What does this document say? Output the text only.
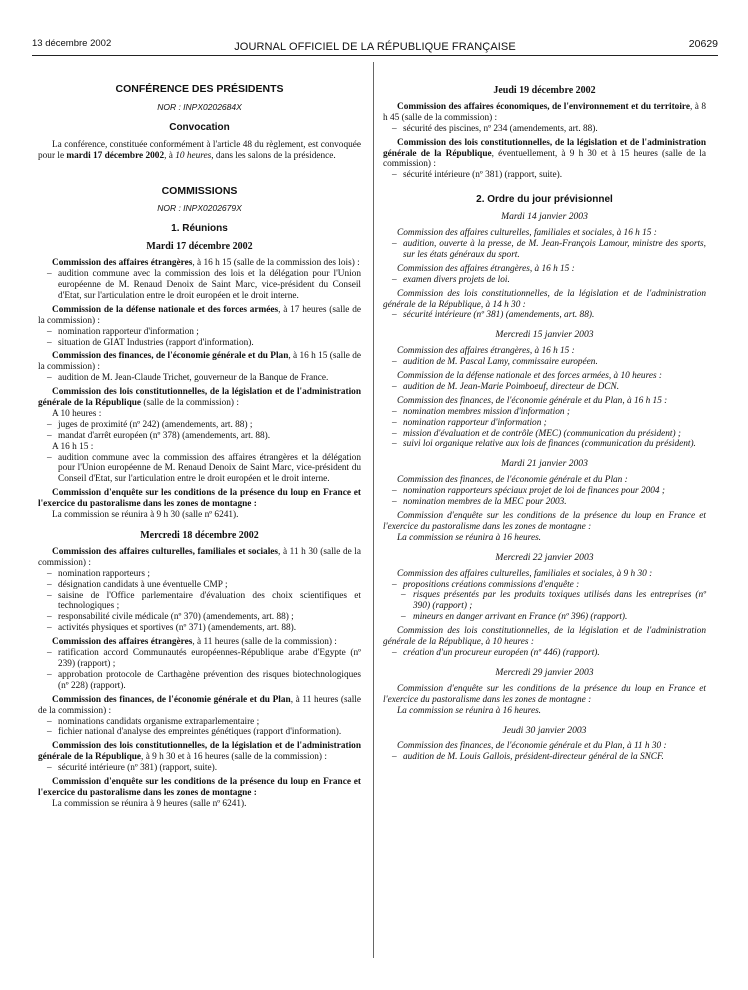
13 décembre 2002	JOURNAL OFFICIEL DE LA RÉPUBLIQUE FRANÇAISE	20629
CONFÉRENCE DES PRÉSIDENTS
NOR : INPX0202684X
Convocation
La conférence, constituée conformément à l'article 48 du règlement, est convoquée pour le mardi 17 décembre 2002, à 10 heures, dans les salons de la présidence.
COMMISSIONS
NOR : INPX0202679X
1. Réunions
Mardi 17 décembre 2002
Commission des affaires étrangères, à 16 h 15 (salle de la commission des lois) :
– audition commune avec la commission des lois et la délégation pour l'Union européenne de M. Renaud Denoix de Saint Marc, vice-président du Conseil d'Etat, sur l'articulation entre le droit européen et le droit interne.
Commission de la défense nationale et des forces armées, à 17 heures (salle de la commission) :
– nomination rapporteur d'information ;
– situation de GIAT Industries (rapport d'information).
Commission des finances, de l'économie générale et du Plan, à 16 h 15 (salle de la commission) :
– audition de M. Jean-Claude Trichet, gouverneur de la Banque de France.
Commission des lois constitutionnelles, de la législation et de l'administration générale de la République (salle de la commission) :
A 10 heures :
– juges de proximité (nº 242) (amendements, art. 88) ;
– mandat d'arrêt européen (nº 378) (amendements, art. 88).
A 16 h 15 :
– audition commune avec la commission des affaires étrangères et la délégation pour l'Union européenne de M. Renaud Denoix de Saint Marc, vice-président du Conseil d'Etat, sur l'articulation entre le droit européen et le droit interne.
Commission d'enquête sur les conditions de la présence du loup en France et l'exercice du pastoralisme dans les zones de montagne :
La commission se réunira à 9 h 30 (salle nº 6241).
Mercredi 18 décembre 2002
Commission des affaires culturelles, familiales et sociales, à 11 h 30 (salle de la commission) :
– nomination rapporteurs ;
– désignation candidats à une éventuelle CMP ;
– saisine de l'Office parlementaire d'évaluation des choix scientifiques et technologiques ;
– responsabilité civile médicale (nº 370) (amendements, art. 88) ;
– activités physiques et sportives (nº 371) (amendements, art. 88).
Commission des affaires étrangères, à 11 heures (salle de la commission) :
– ratification accord Communautés européennes-République arabe d'Egypte (nº 239) (rapport) ;
– approbation protocole de Carthagène prévention des risques biotechnologiques (nº 228) (rapport).
Commission des finances, de l'économie générale et du Plan, à 11 heures (salle de la commission) :
– nominations candidats organisme extraparlementaire ;
– fichier national d'analyse des empreintes génétiques (rapport d'information).
Commission des lois constitutionnelles, de la législation et de l'administration générale de la République, à 9 h 30 et à 16 heures (salle de la commission) :
– sécurité intérieure (nº 381) (rapport, suite).
Commission d'enquête sur les conditions de la présence du loup en France et l'exercice du pastoralisme dans les zones de montagne :
La commission se réunira à 9 heures (salle nº 6241).
Jeudi 19 décembre 2002
Commission des affaires économiques, de l'environnement et du territoire, à 8 h 45 (salle de la commission) :
– sécurité des piscines, nº 234 (amendements, art. 88).
Commission des lois constitutionnelles, de la législation et de l'administration générale de la République, éventuellement, à 9 h 30 et à 15 heures (salle de la commission) :
– sécurité intérieure (nº 381) (rapport, suite).
2. Ordre du jour prévisionnel
Mardi 14 janvier 2003
Commission des affaires culturelles, familiales et sociales, à 16 h 15 :
– audition, ouverte à la presse, de M. Jean-François Lamour, ministre des sports, sur les états généraux du sport.
Commission des affaires étrangères, à 16 h 15 :
– examen divers projets de loi.
Commission des lois constitutionnelles, de la législation et de l'administration générale de la République, à 14 h 30 :
– sécurité intérieure (nº 381) (amendements, art. 88).
Mercredi 15 janvier 2003
Commission des affaires étrangères, à 16 h 15 :
– audition de M. Pascal Lamy, commissaire européen.
Commission de la défense nationale et des forces armées, à 10 heures :
– audition de M. Jean-Marie Poimboeuf, directeur de DCN.
Commission des finances, de l'économie générale et du Plan, à 16 h 15 :
– nomination membres mission d'information ;
– nomination rapporteur d'information ;
– mission d'évaluation et de contrôle (MEC) (communication du président) ;
– suivi loi organique relative aux lois de finances (communication du président).
Mardi 21 janvier 2003
Commission des finances, de l'économie générale et du Plan :
– nomination rapporteurs spéciaux projet de loi de finances pour 2004 ;
– nomination membres de la MEC pour 2003.
Commission d'enquête sur les conditions de la présence du loup en France et l'exercice du pastoralisme dans les zones de montagne :
La commission se réunira à 16 heures.
Mercredi 22 janvier 2003
Commission des affaires culturelles, familiales et sociales, à 9 h 30 :
– propositions créations commissions d'enquête :
– risques présentés par les produits toxiques utilisés dans les entreprises (nº 390) (rapport) ;
– mineurs en danger arrivant en France (nº 396) (rapport).
Commission des lois constitutionnelles, de la législation et de l'administration générale de la République, à 10 heures :
– création d'un procureur européen (nº 446) (rapport).
Mercredi 29 janvier 2003
Commission d'enquête sur les conditions de la présence du loup en France et l'exercice du pastoralisme dans les zones de montagne :
La commission se réunira à 16 heures.
Jeudi 30 janvier 2003
Commission des finances, de l'économie générale et du Plan, à 11 h 30 :
– audition de M. Louis Gallois, président-directeur général de la SNCF.
